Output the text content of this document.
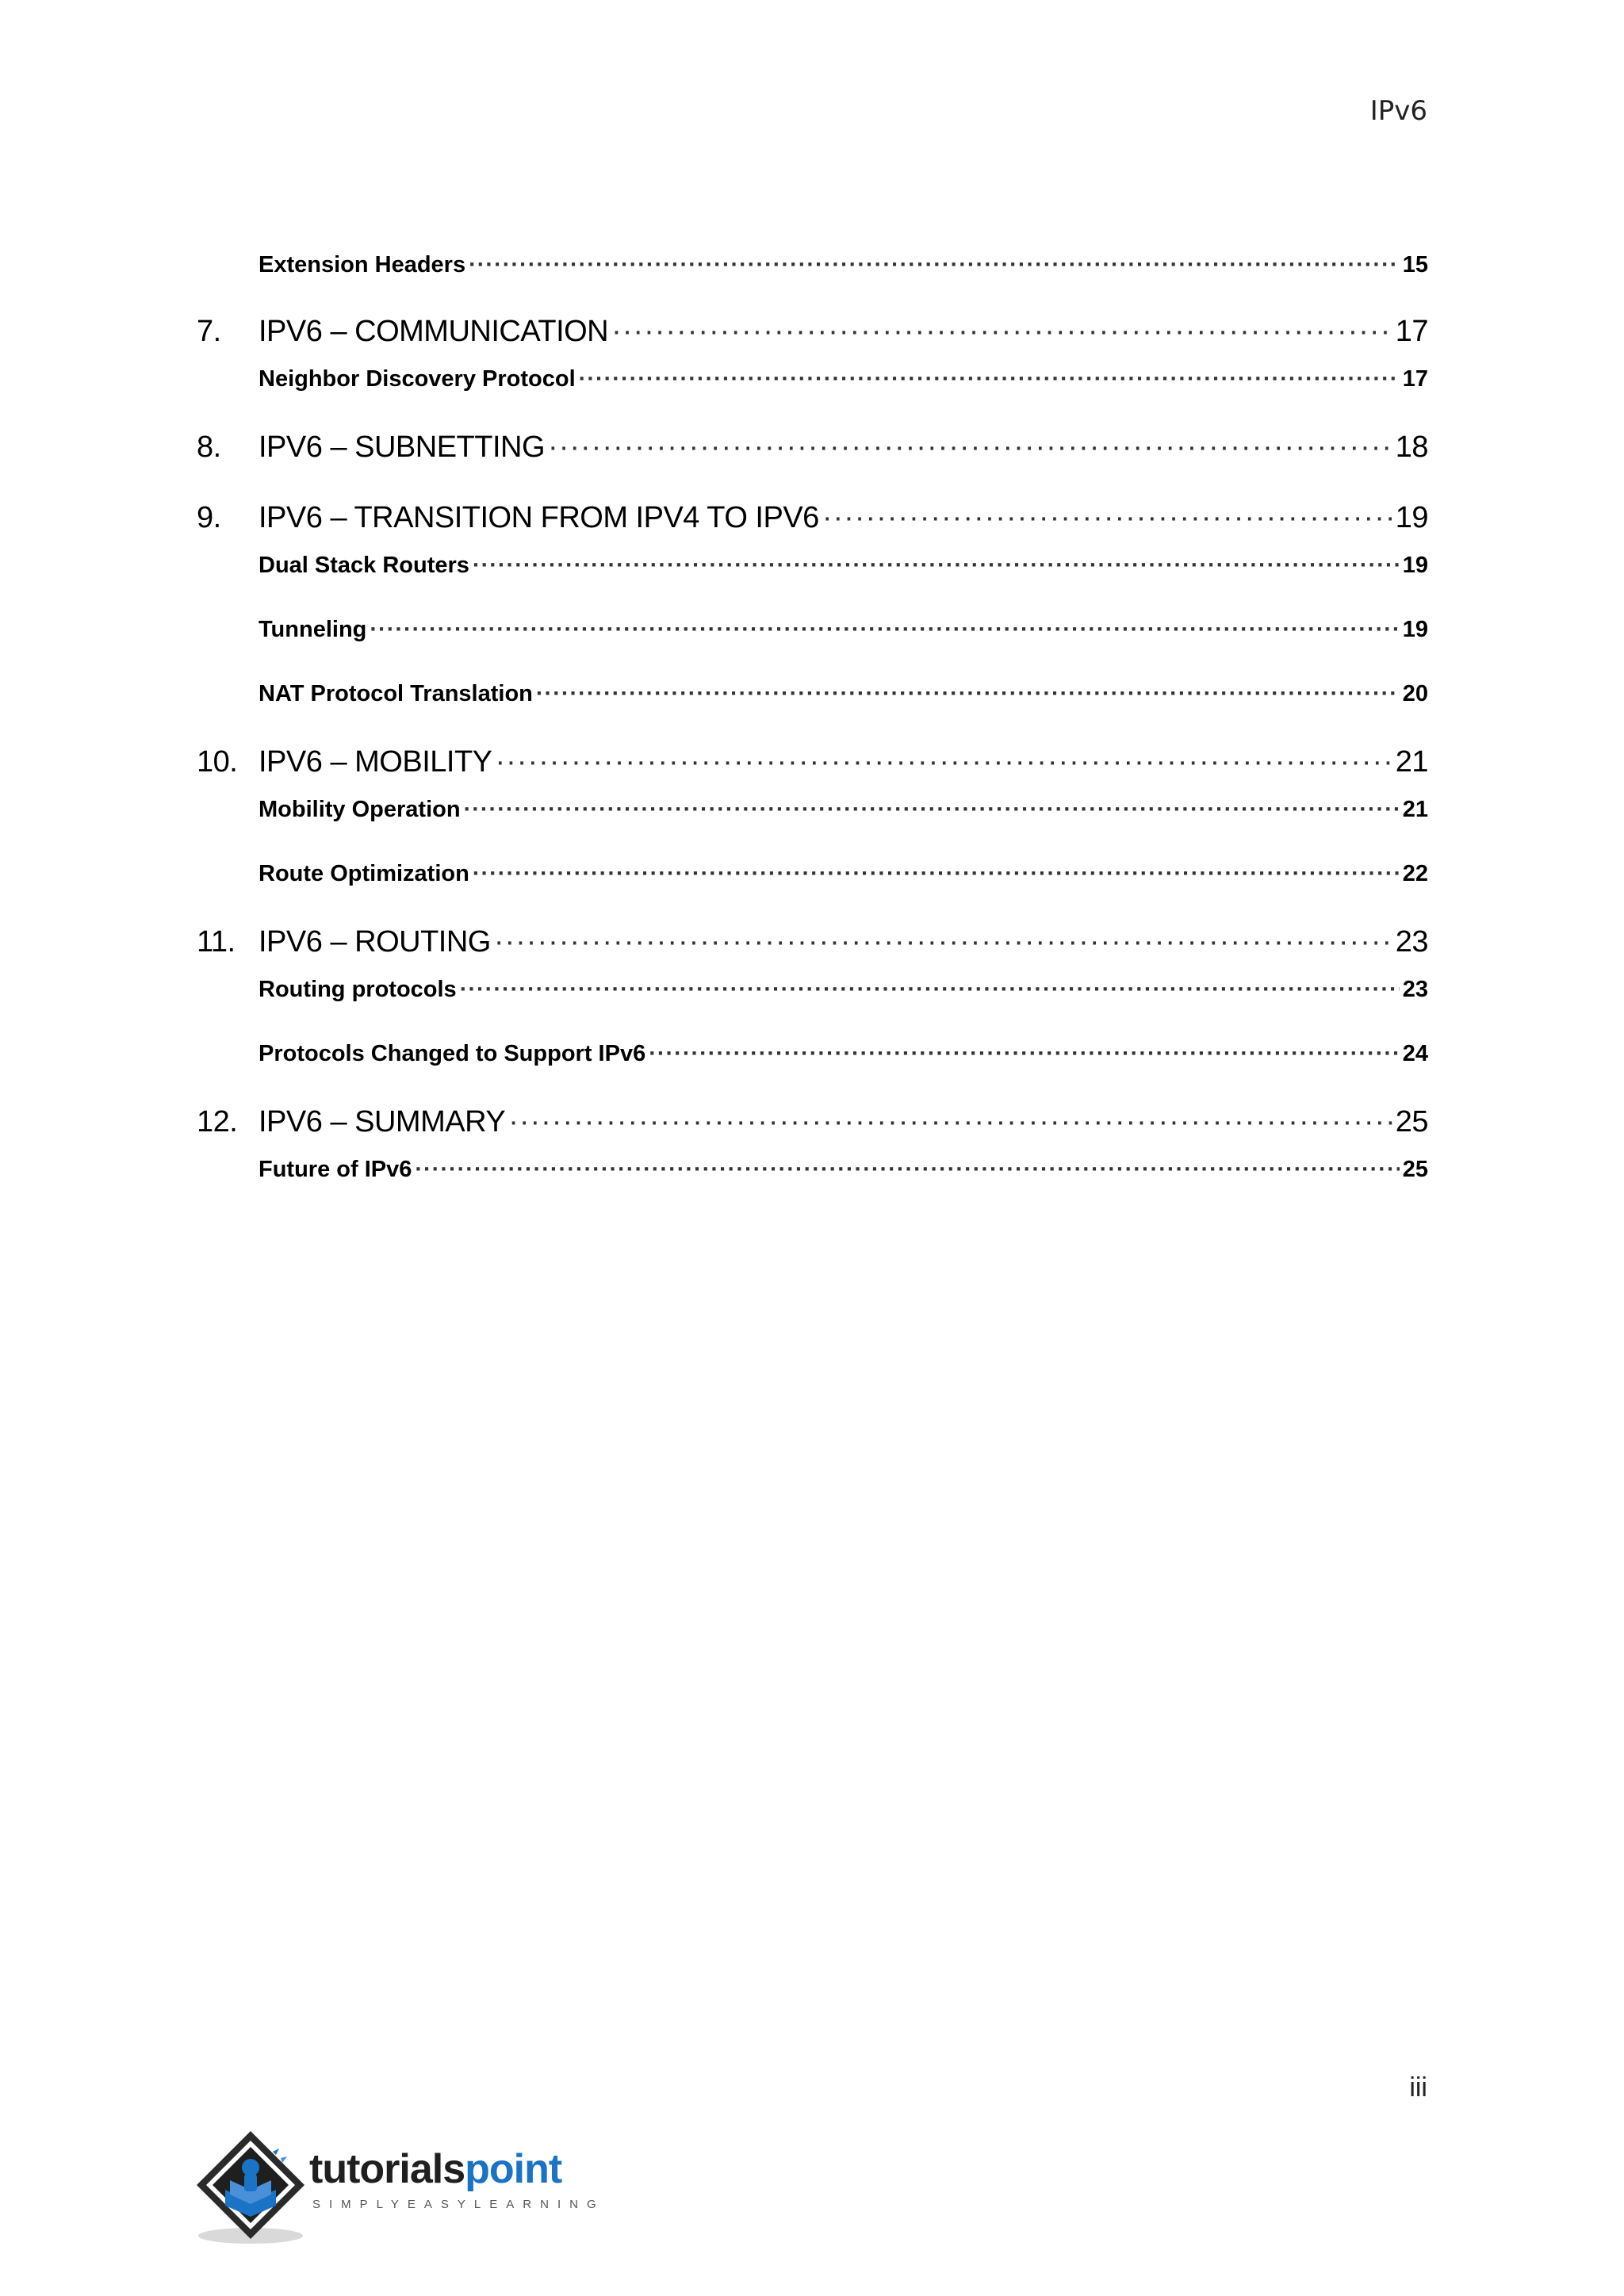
IPv6
Extension Headers ·····	15
7.	IPV6 – COMMUNICATION ·····	17
Neighbor Discovery Protocol ·····	17
8.	IPV6 – SUBNETTING ·····	18
9.	IPV6 – TRANSITION FROM IPV4 TO IPV6 ·····	19
Dual Stack Routers ·····	19
Tunneling ·····	19
NAT Protocol Translation ·····	20
10. IPV6 – MOBILITY ·····	21
Mobility Operation ·····	21
Route Optimization ·····	22
11. IPV6 – ROUTING ·····	23
Routing protocols ·····	23
Protocols Changed to Support IPv6 ·····	24
12. IPV6 – SUMMARY ·····	25
Future of IPv6 ·····	25
iii
tutorialspoint
SIMPLYEASYLEARNING
